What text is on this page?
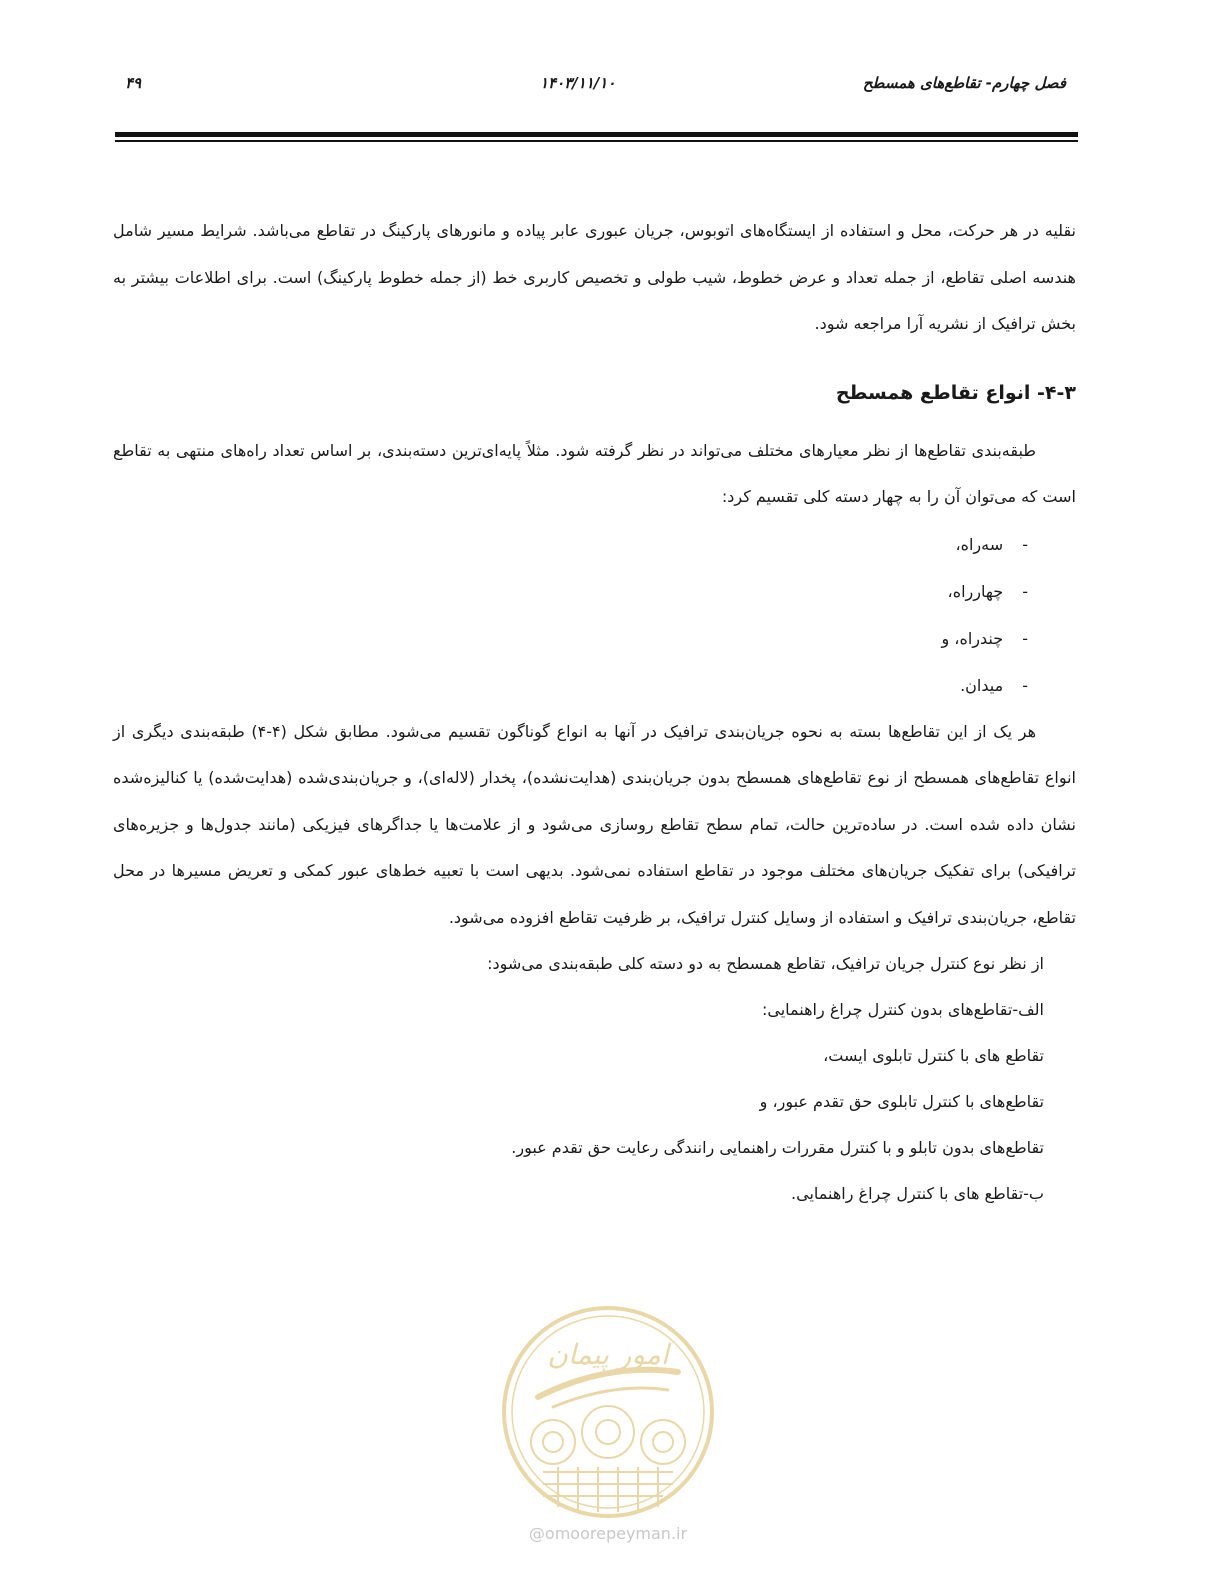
فصل چهارم- تقاطع‌های همسطح
۱۴۰۳/۱۱/۱۰
۴۹

نقلیه در هر حرکت، محل و استفاده از ایستگاه‌های اتوبوس، جریان عبوری عابر پیاده و مانورهای پارکینگ در تقاطع می‌باشد. شرایط مسیر شامل هندسه اصلی تقاطع، از جمله تعداد و عرض خطوط، شیب طولی و تخصیص کاربری خط (از جمله خطوط پارکینگ) است. برای اطلاعات بیشتر به بخش ترافیک از نشریه آرا مراجعه شود.

۴-۳- انواع تقاطع همسطح

طبقه‌بندی تقاطع‌ها از نظر معیارهای مختلف می‌تواند در نظر گرفته شود. مثلاً پایه‌ای‌ترین دسته‌بندی، بر اساس تعداد راه‌های منتهی به تقاطع است که می‌توان آن را به چهار دسته کلی تقسیم کرد:

- سه‌راه،
- چهارراه،
- چندراه، و
- میدان.

هر یک از این تقاطع‌ها بسته به نحوه جریان‌بندی ترافیک در آنها به انواع گوناگون تقسیم می‌شود. مطابق شکل (۴-۴) طبقه‌بندی دیگری از انواع تقاطع‌های همسطح از نوع تقاطع‌های همسطح بدون جریان‌بندی (هدایت‌نشده)، پخدار (لاله‌ای)، و جریان‌بندی‌شده (هدایت‌شده) یا کنالیزه‌شده نشان داده شده است. در ساده‌ترین حالت، تمام سطح تقاطع روسازی می‌شود و از علامت‌ها یا جداگرهای فیزیکی (مانند جدول‌ها و جزیره‌های ترافیکی) برای تفکیک جریان‌های مختلف موجود در تقاطع استفاده نمی‌شود. بدیهی است با تعبیه خط‌های عبور کمکی و تعریض مسیرها در محل تقاطع، جریان‌بندی ترافیک و استفاده از وسایل کنترل ترافیک، بر ظرفیت تقاطع افزوده می‌شود.

از نظر نوع کنترل جریان ترافیک، تقاطع همسطح به دو دسته کلی طبقه‌بندی می‌شود:
الف-تقاطع‌های بدون کنترل چراغ راهنمایی:
تقاطع های با کنترل تابلوی ایست،
تقاطع‌های با کنترل تابلوی حق تقدم عبور، و
تقاطع‌های بدون تابلو و با کنترل مقررات راهنمایی رانندگی رعایت حق تقدم عبور.
ب-تقاطع های با کنترل چراغ راهنمایی.
امور پیمان
@omoorepeyman.ir
